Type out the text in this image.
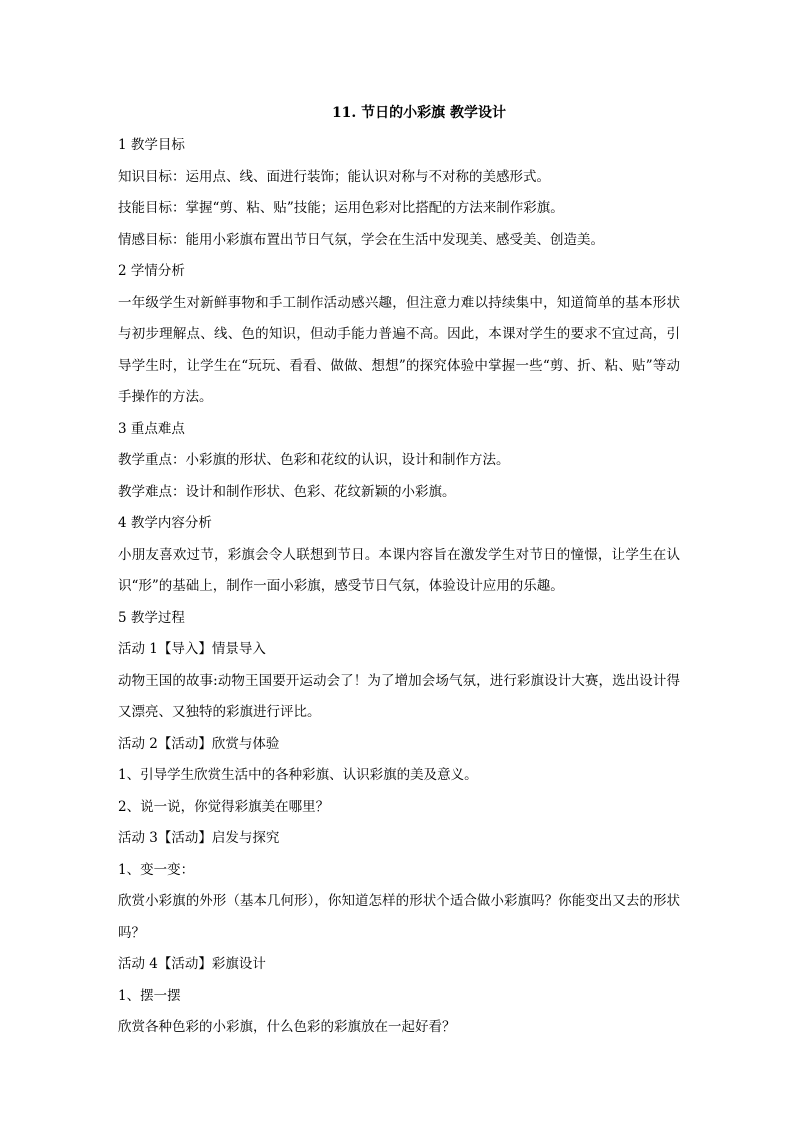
11. 节日的小彩旗 教学设计

1 教学目标

知识目标：运用点、线、面进行装饰；能认识对称与不对称的美感形式。

技能目标：掌握“剪、粘、贴”技能；运用色彩对比搭配的方法来制作彩旗。

情感目标：能用小彩旗布置出节日气氛，学会在生活中发现美、感受美、创造美。

2 学情分析

一年级学生对新鲜事物和手工制作活动感兴趣，但注意力难以持续集中，知道简单的基本形状与初步理解点、线、色的知识，但动手能力普遍不高。因此，本课对学生的要求不宜过高，引导学生时，让学生在“玩玩、看看、做做、想想”的探究体验中掌握一些“剪、折、粘、贴”等动手操作的方法。

3 重点难点

教学重点：小彩旗的形状、色彩和花纹的认识，设计和制作方法。

教学难点：设计和制作形状、色彩、花纹新颖的小彩旗。

4 教学内容分析

小朋友喜欢过节，彩旗会令人联想到节日。本课内容旨在激发学生对节日的憧憬，让学生在认识“形”的基础上，制作一面小彩旗，感受节日气氛，体验设计应用的乐趣。

5 教学过程

活动 1【导入】情景导入

动物王国的故事:动物王国要开运动会了！为了增加会场气氛，进行彩旗设计大赛，选出设计得又漂亮、又独特的彩旗进行评比。

活动 2【活动】欣赏与体验

1、引导学生欣赏生活中的各种彩旗、认识彩旗的美及意义。

2、说一说，你觉得彩旗美在哪里？

活动 3【活动】启发与探究

1、变一变：

欣赏小彩旗的外形（基本几何形），你知道怎样的形状个适合做小彩旗吗？你能变出又去的形状吗？

活动 4【活动】彩旗设计

1、摆一摆

欣赏各种色彩的小彩旗，什么色彩的彩旗放在一起好看？
